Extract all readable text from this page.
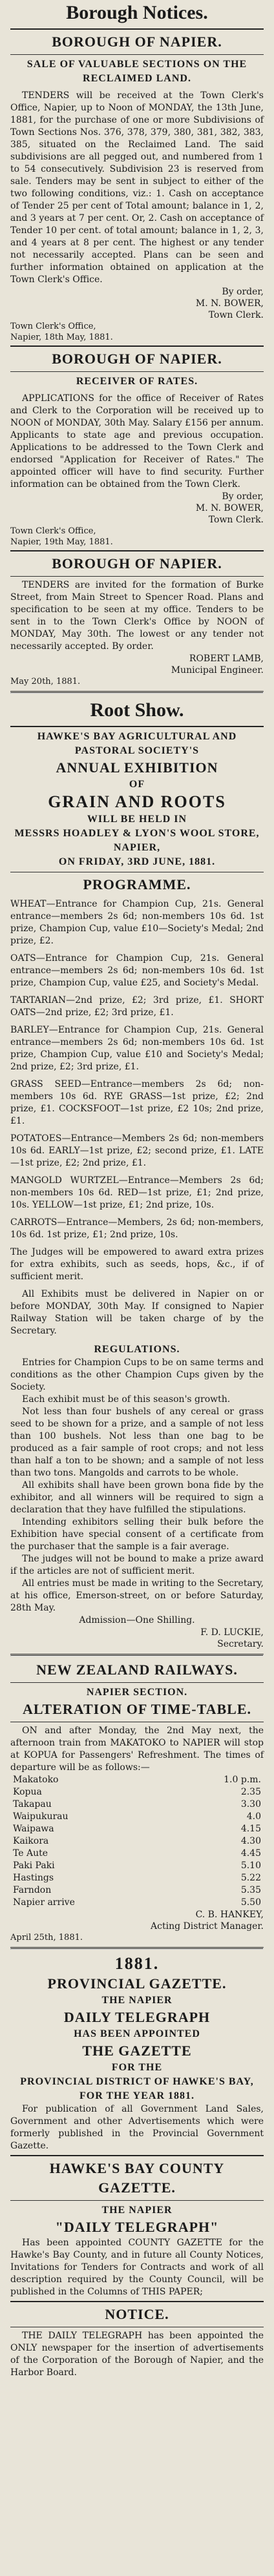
Borough Notices.
BOROUGH OF NAPIER.
SALE OF VALUABLE SECTIONS ON THE RECLAIMED LAND.

TENDERS will be received at the Town Clerk's Office, Napier, up to Noon of MONDAY, the 13th June, 1881, for the purchase of one or more Subdivisions of Town Sections Nos. 376, 378, 379, 380, 381, 382, 383, 385, situated on the Reclaimed Land. The said subdivisions are all pegged out, and numbered from 1 to 54 consecutively. Subdivision 23 is reserved from sale. Tenders may be sent in subject to either of the two following conditions, viz.: 1. Cash on acceptance of Tender 25 per cent of Total amount; balance in 1, 2, and 3 years at 7 per cent. Or, 2. Cash on acceptance of Tender 10 per cent. of total amount; balance in 1, 2, 3, and 4 years at 8 per cent. The highest or any tender not necessarily accepted. Plans can be seen and further information obtained on application at the Town Clerk's Office.

By order,
M. N. BOWER,
Town Clerk.

Town Clerk's Office,

Napier, 18th May, 1881.

BOROUGH OF NAPIER.
RECEIVER OF RATES.

APPLICATIONS for the office of Receiver of Rates and Clerk to the Corporation will be received up to NOON of MONDAY, 30th May. Salary £156 per annum. Applicants to state age and previous occupation. Applications to be addressed to the Town Clerk and endorsed "Application for Receiver of Rates." The appointed officer will have to find security. Further information can be obtained from the Town Clerk.

By order,
M. N. BOWER,
Town Clerk.

Town Clerk's Office,

Napier, 19th May, 1881.

BOROUGH OF NAPIER.

TENDERS are invited for the formation of Burke Street, from Main Street to Spencer Road. Plans and specification to be seen at my office. Tenders to be sent in to the Town Clerk's Office by NOON of MONDAY, May 30th. The lowest or any tender not necessarily accepted. By order.

ROBERT LAMB,
Municipal Engineer.

May 20th, 1881.

Root Show.
HAWKE'S BAY AGRICULTURAL AND PASTORAL SOCIETY'S
ANNUAL EXHIBITION
OF
GRAIN AND ROOTS
WILL BE HELD IN
MESSRS HOADLEY & LYON'S WOOL STORE, NAPIER,
ON FRIDAY, 3RD JUNE, 1881.
PROGRAMME.

WHEAT—Entrance for Champion Cup, 21s. General entrance—members 2s 6d; non-members 10s 6d. 1st prize, Champion Cup, value £10—Society's Medal; 2nd prize, £2.

OATS—Entrance for Champion Cup, 21s. General entrance—members 2s 6d; non-members 10s 6d. 1st prize, Champion Cup, value £25, and Society's Medal.

TARTARIAN—2nd prize, £2; 3rd prize, £1. SHORT OATS—2nd prize, £2; 3rd prize, £1.

BARLEY—Entrance for Champion Cup, 21s. General entrance—members 2s 6d; non-members 10s 6d. 1st prize, Champion Cup, value £10 and Society's Medal; 2nd prize, £2; 3rd prize, £1.

GRASS SEED—Entrance—members 2s 6d; non-members 10s 6d. RYE GRASS—1st prize, £2; 2nd prize, £1. COCKSFOOT—1st prize, £2 10s; 2nd prize, £1.

POTATOES—Entrance—Members 2s 6d; non-members 10s 6d. EARLY—1st prize, £2; second prize, £1. LATE—1st prize, £2; 2nd prize, £1.

MANGOLD WURTZEL—Entrance—Members 2s 6d; non-members 10s 6d. RED—1st prize, £1; 2nd prize, 10s. YELLOW—1st prize, £1; 2nd prize, 10s.

CARROTS—Entrance—Members, 2s 6d; non-members, 10s 6d. 1st prize, £1; 2nd prize, 10s.

The Judges will be empowered to award extra prizes for extra exhibits, such as seeds, hops, &c., if of sufficient merit.

All Exhibits must be delivered in Napier on or before MONDAY, 30th May. If consigned to Napier Railway Station will be taken charge of by the Secretary.

REGULATIONS.

Entries for Champion Cups to be on same terms and conditions as the other Champion Cups given by the Society.

Each exhibit must be of this season's growth.

Not less than four bushels of any cereal or grass seed to be shown for a prize, and a sample of not less than 100 bushels. Not less than one bag to be produced as a fair sample of root crops; and not less than half a ton to be shown; and a sample of not less than two tons. Mangolds and carrots to be whole.

All exhibits shall have been grown bona fide by the exhibitor, and all winners will be required to sign a declaration that they have fulfilled the stipulations.

Intending exhibitors selling their bulk before the Exhibition have special consent of a certificate from the purchaser that the sample is a fair average.

The judges will not be bound to make a prize award if the articles are not of sufficient merit.

All entries must be made in writing to the Secretary, at his office, Emerson-street, on or before Saturday, 28th May.

Admission—One Shilling.

F. D. LUCKIE,
Secretary.
NEW ZEALAND RAILWAYS.
NAPIER SECTION.
ALTERATION OF TIME-TABLE.

ON and after Monday, the 2nd May next, the afternoon train from MAKATOKO to NAPIER will stop at KOPUA for Passengers' Refreshment. The times of departure will be as follows:—

Makatoko	1.0 p.m.
Kopua	2.35
Takapau	3.30
Waipukurau	4.0
Waipawa	4.15
Kaikora	4.30
Te Aute	4.45
Paki Paki	5.10
Hastings	5.22
Farndon	5.35
Napier arrive	5.50
C. B. HANKEY,
Acting District Manager.

April 25th, 1881.

1881.
PROVINCIAL GAZETTE.
THE NAPIER
DAILY TELEGRAPH
HAS BEEN APPOINTED
THE GAZETTE
FOR THE
PROVINCIAL DISTRICT OF HAWKE'S BAY,
FOR THE YEAR 1881.

For publication of all Government Land Sales, Government and other Advertisements which were formerly published in the Provincial Government Gazette.

HAWKE'S BAY COUNTY GAZETTE.
THE NAPIER
"DAILY TELEGRAPH"

Has been appointed COUNTY GAZETTE for the Hawke's Bay County, and in future all County Notices, Invitations for Tenders for Contracts and work of all description required by the County Council, will be published in the Columns of THIS PAPER;

NOTICE.

THE DAILY TELEGRAPH has been appointed the ONLY newspaper for the insertion of advertisements of the Corporation of the Borough of Napier, and the Harbor Board.
